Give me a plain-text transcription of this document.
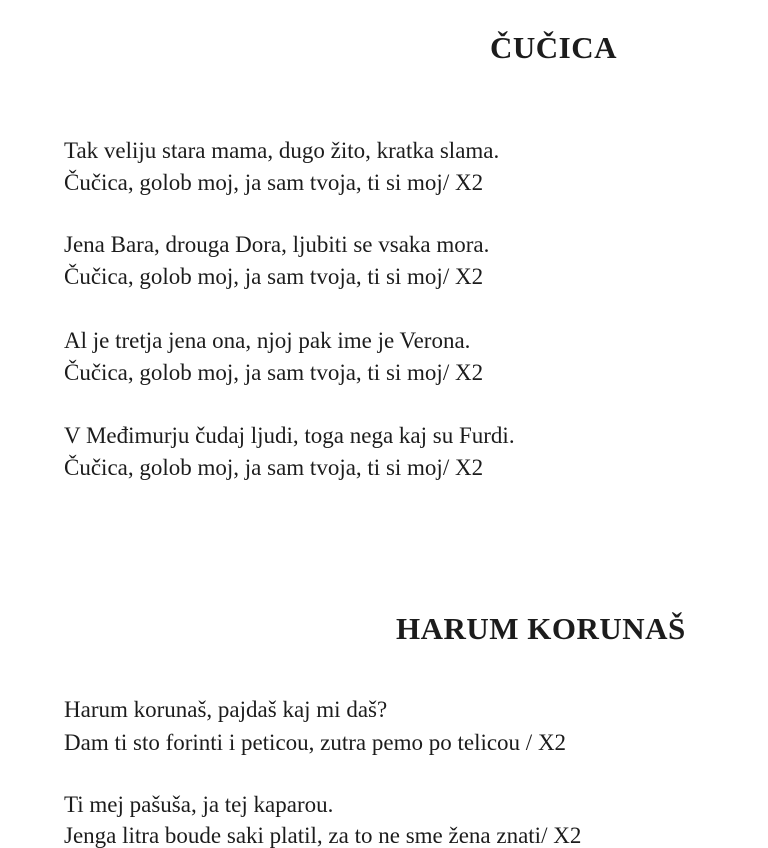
ČUČICA
Tak veliju stara mama, dugo žito, kratka slama.
Čučica, golob moj, ja sam tvoja, ti si moj/ X2
Jena Bara, drouga Dora, ljubiti se vsaka mora.
Čučica, golob moj, ja sam tvoja, ti si moj/ X2
Al je tretja jena ona, njoj pak ime je Verona.
Čučica, golob moj, ja sam tvoja, ti si moj/ X2
V Međimurju čudaj ljudi, toga nega kaj su Furdi.
Čučica, golob moj, ja sam tvoja, ti si moj/ X2
HARUM KORUNAŠ
Harum korunaš, pajdaš kaj mi daš?
Dam ti sto forinti i peticou, zutra pemo po telicou / X2
Ti mej pašuša, ja tej kaparou.
Jenga litra boude saki platil, za to ne sme žena znati/ X2
